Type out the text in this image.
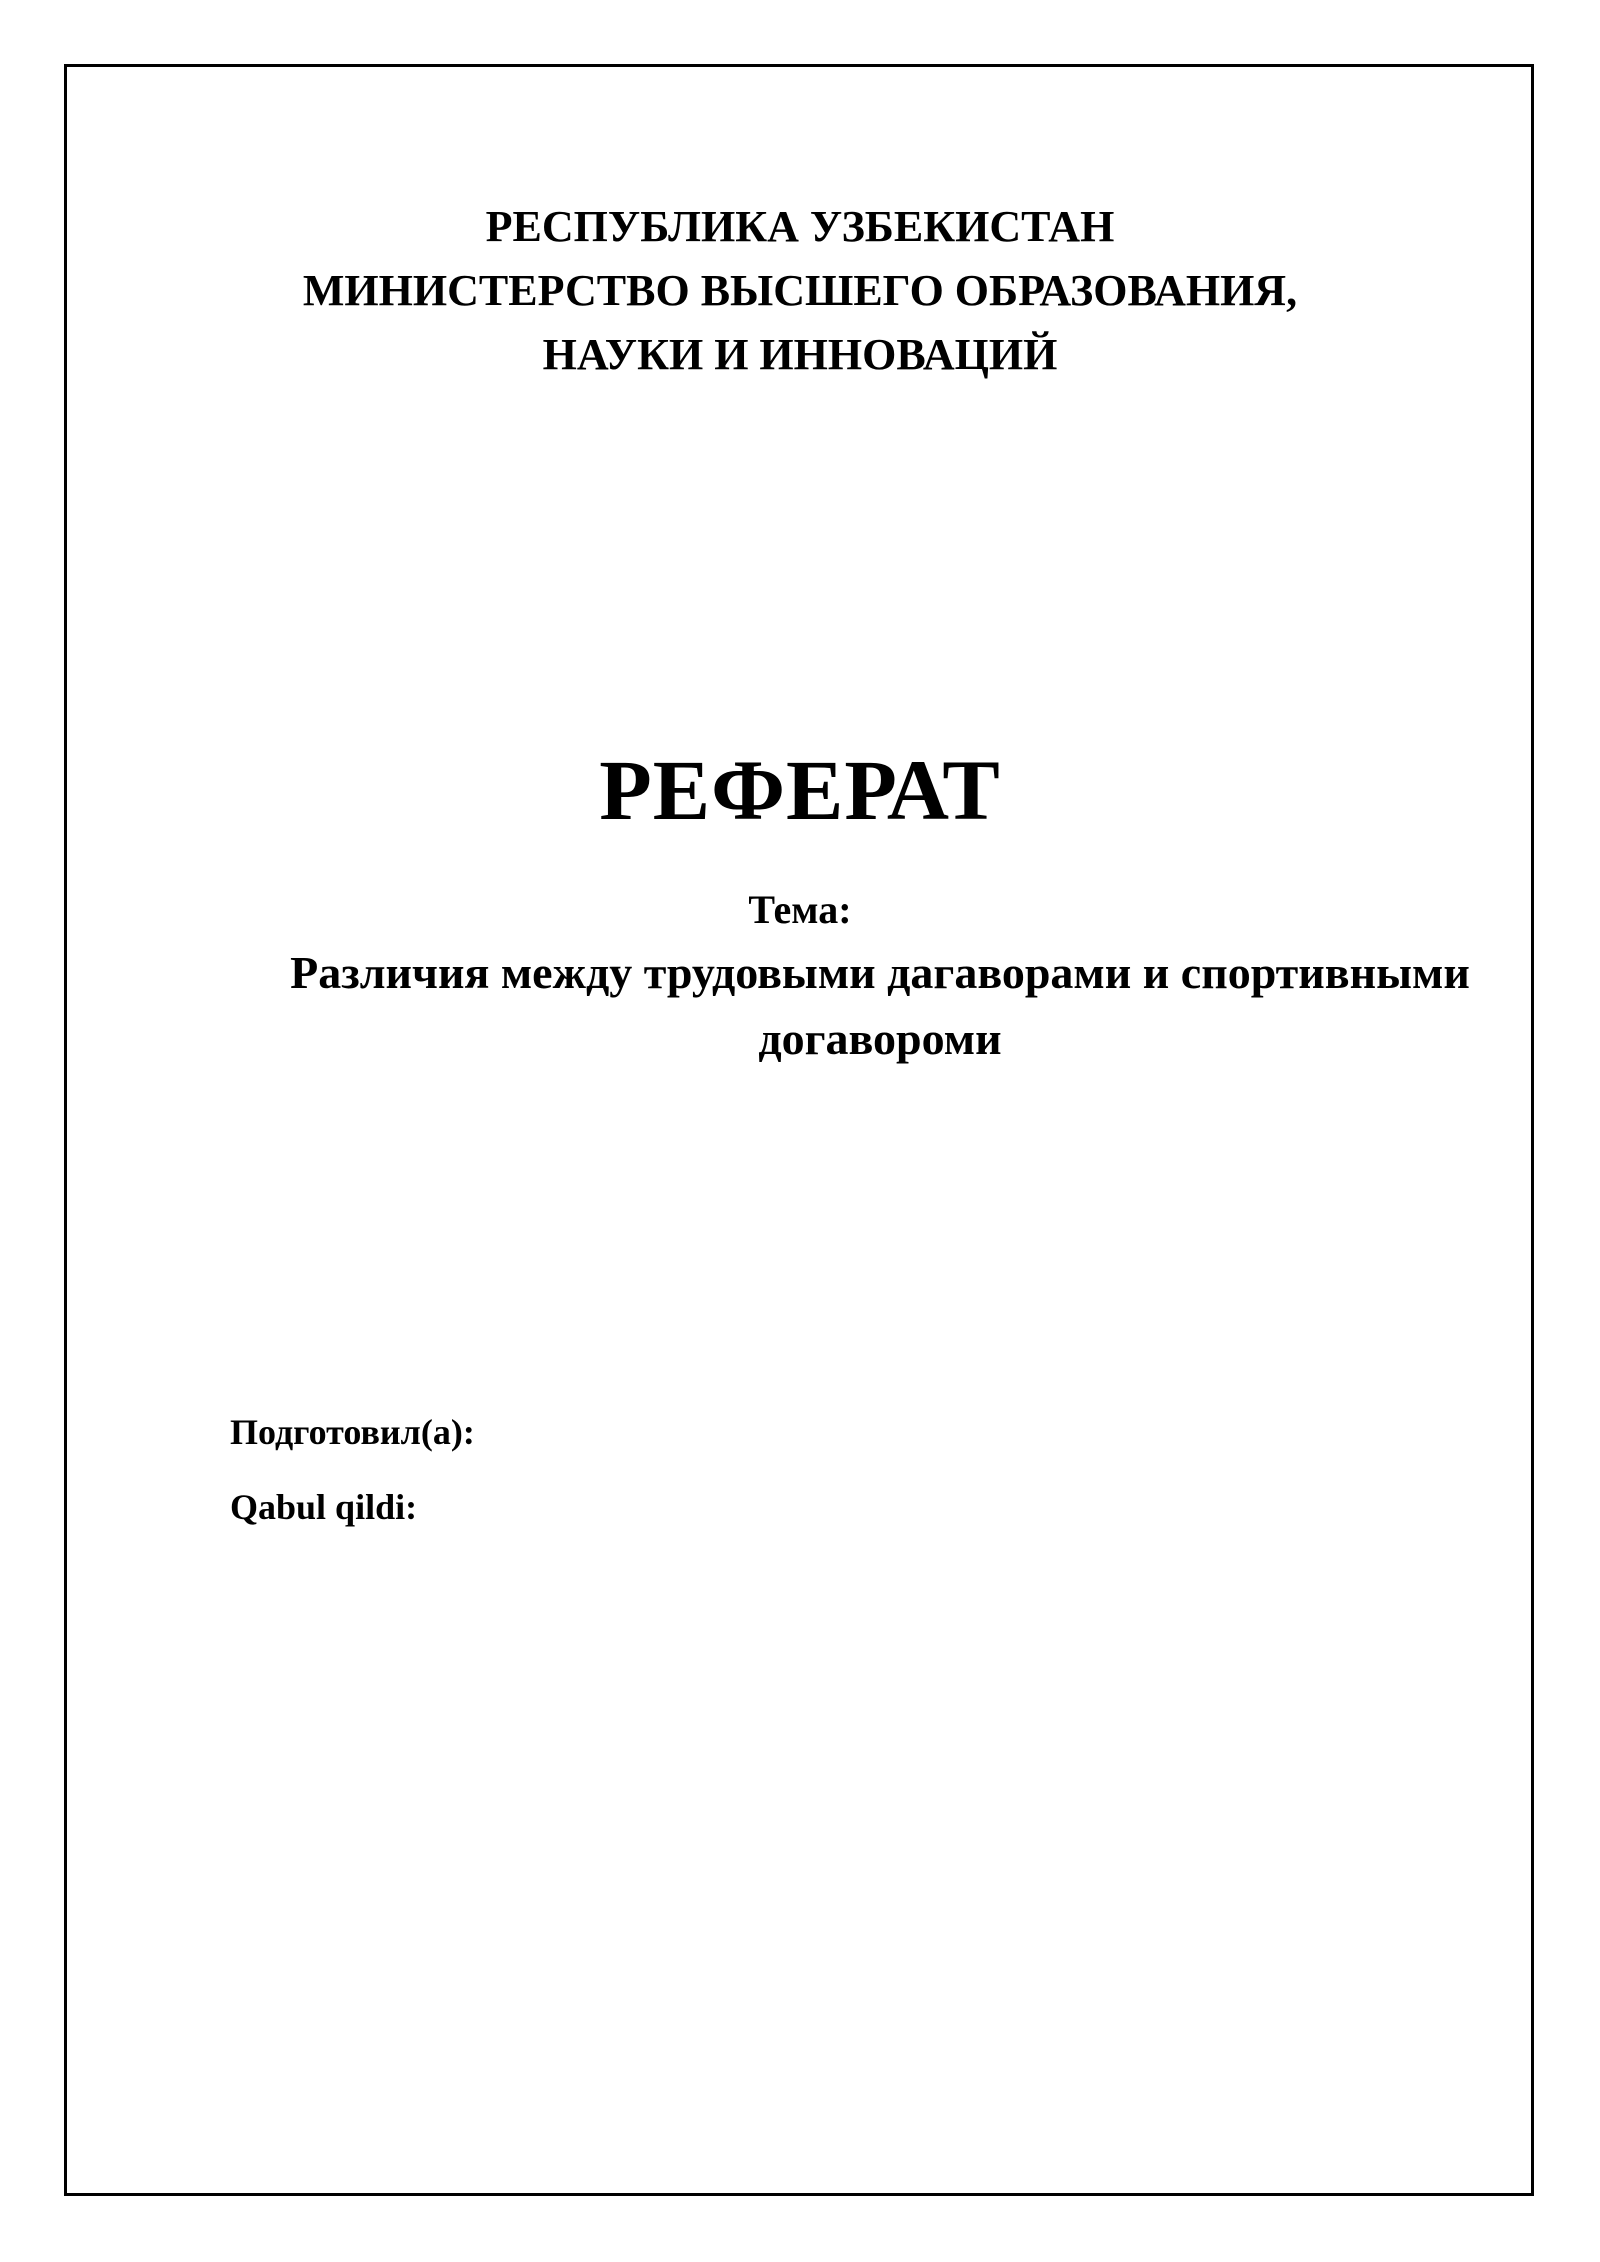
РЕСПУБЛИКА УЗБЕКИСТАН
МИНИСТЕРСТВО ВЫСШЕГО ОБРАЗОВАНИЯ,
НАУКИ И ИННОВАЦИЙ
РЕФЕРАТ
Тема:
Различия между трудовыми дагаворами и спортивными
догавороми
Подготовил(а):
Qabul qildi:
